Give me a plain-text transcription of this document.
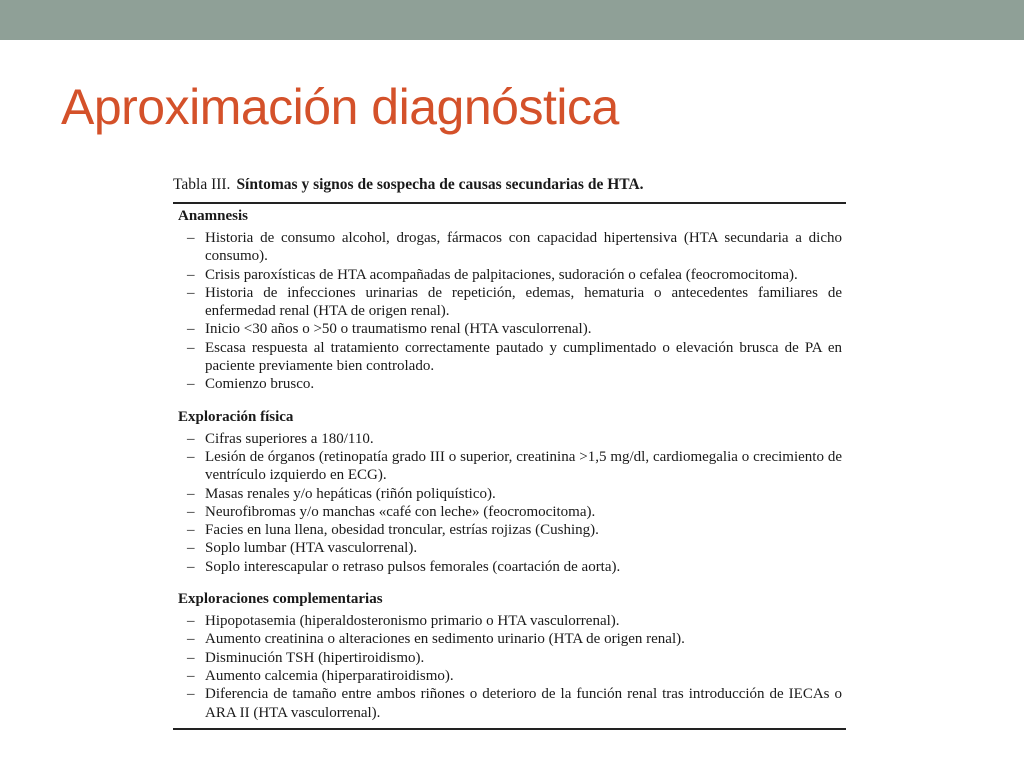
Aproximación diagnóstica
Tabla III. Síntomas y signos de sospecha de causas secundarias de HTA.
Anamnesis
– Historia de consumo alcohol, drogas, fármacos con capacidad hipertensiva (HTA secundaria a dicho consumo).
– Crisis paroxísticas de HTA acompañadas de palpitaciones, sudoración o cefalea (feocromocitoma).
– Historia de infecciones urinarias de repetición, edemas, hematuria o antecedentes familiares de enfermedad renal (HTA de origen renal).
– Inicio <30 años o >50 o traumatismo renal (HTA vasculorrenal).
– Escasa respuesta al tratamiento correctamente pautado y cumplimentado o elevación brusca de PA en paciente previamente bien controlado.
– Comienzo brusco.
Exploración física
– Cifras superiores a 180/110.
– Lesión de órganos (retinopatía grado III o superior, creatinina >1,5 mg/dl, cardiomegalia o crecimiento de ventrículo izquierdo en ECG).
– Masas renales y/o hepáticas (riñón poliquístico).
– Neurofibromas y/o manchas «café con leche» (feocromocitoma).
– Facies en luna llena, obesidad troncular, estrías rojizas (Cushing).
– Soplo lumbar (HTA vasculorrenal).
– Soplo interescapular o retraso pulsos femorales (coartación de aorta).
Exploraciones complementarias
– Hipopotasemia (hiperaldosteronismo primario o HTA vasculorrenal).
– Aumento creatinina o alteraciones en sedimento urinario (HTA de origen renal).
– Disminución TSH (hipertiroidismo).
– Aumento calcemia (hiperparatiroidismo).
– Diferencia de tamaño entre ambos riñones o deterioro de la función renal tras introducción de IECAs o ARA II (HTA vasculorrenal).
